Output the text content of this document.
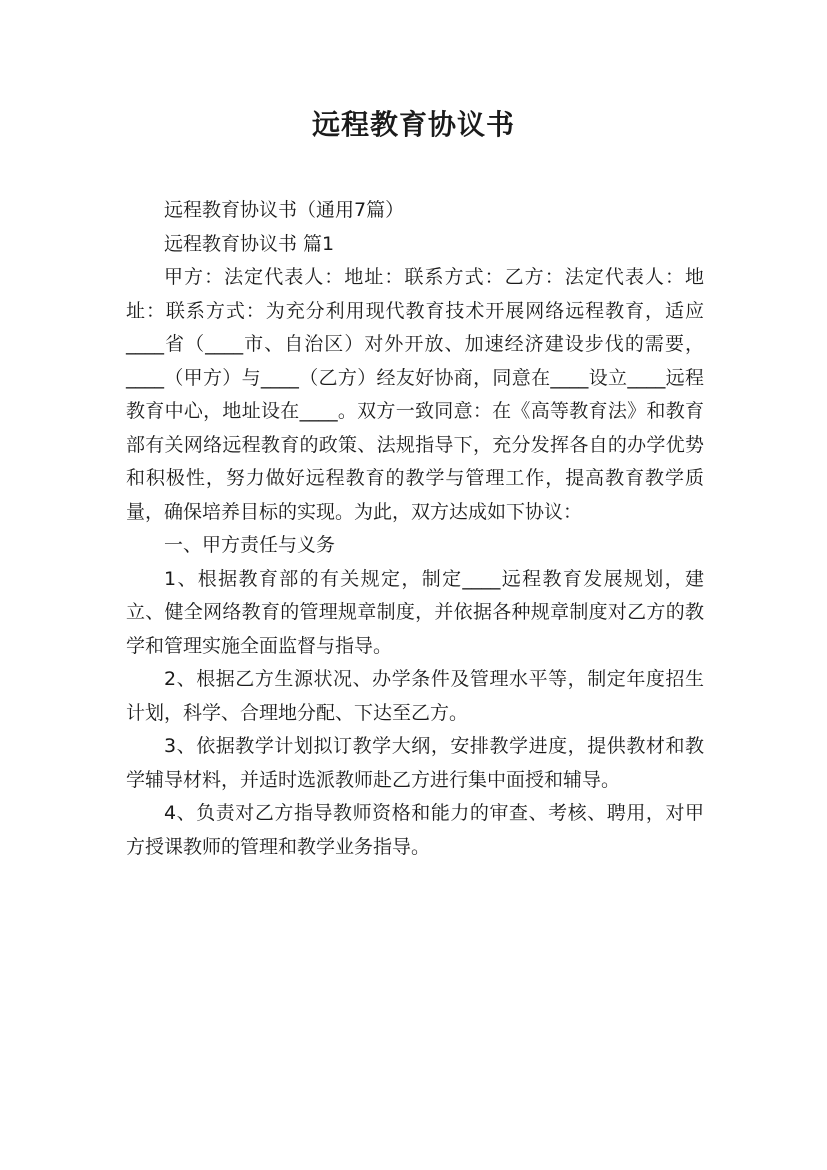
远程教育协议书

远程教育协议书（通用7篇）

远程教育协议书 篇1

甲方：法定代表人：地址：联系方式：乙方：法定代表人：地址：联系方式：为充分利用现代教育技术开展网络远程教育，适应____省（____市、自治区）对外开放、加速经济建设步伐的需要，____（甲方）与____（乙方）经友好协商，同意在____设立____远程教育中心，地址设在____。双方一致同意：在《高等教育法》和教育部有关网络远程教育的政策、法规指导下，充分发挥各自的办学优势和积极性，努力做好远程教育的教学与管理工作，提高教育教学质量，确保培养目标的实现。为此，双方达成如下协议：

一、甲方责任与义务

1、根据教育部的有关规定，制定____远程教育发展规划，建立、健全网络教育的管理规章制度，并依据各种规章制度对乙方的教学和管理实施全面监督与指导。

2、根据乙方生源状况、办学条件及管理水平等，制定年度招生计划，科学、合理地分配、下达至乙方。

3、依据教学计划拟订教学大纲，安排教学进度，提供教材和教学辅导材料，并适时选派教师赴乙方进行集中面授和辅导。

4、负责对乙方指导教师资格和能力的审查、考核、聘用，对甲方授课教师的管理和教学业务指导。
